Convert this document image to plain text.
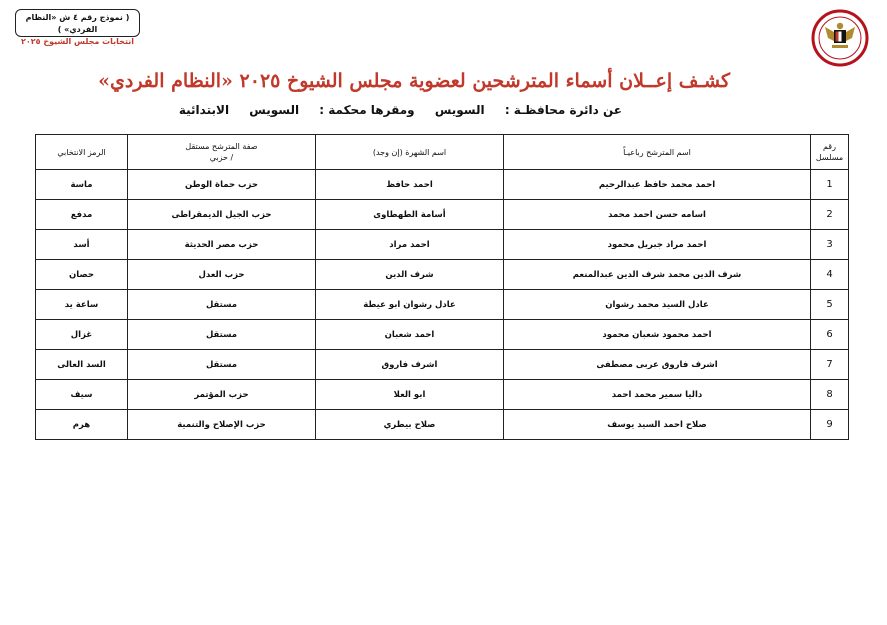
( نموذج رقم ٤ ش «النظام الفردي» )
انتخابات مجلس الشيوخ ٢٠٢٥
كشـف إعــلان أسماء المترشحين لعضوية مجلس الشيوخ ٢٠٢٥ «النظام الفردي»
عن دائرة محافظـة : السويس ومقرها محكمة : السويس الابتدائية
رقم مسلسل	اسم المترشح رباعيـاً	اسم الشهرة (إن وجد)	صفة المترشح مستقل / حزبي	الرمز الانتخابي
1	احمد محمد حافظ عبدالرحيم	احمد حافظ	حزب حماة الوطن	ماسة
2	اسامه حسن احمد محمد	أسامة الطهطاوى	حزب الجيل الديمقراطى	مدفع
3	احمد مراد جبريل محمود	احمد مراد	حزب مصر الحديثة	أسد
4	شرف الدين محمد شرف الدين عبدالمنعم	شرف الدين	حزب العدل	حصان
5	عادل السيد محمد رشوان	عادل رشوان ابو عيطة	مستقل	ساعة يد
6	احمد محمود شعبان محمود	احمد شعبان	مستقل	غزال
7	اشرف فاروق عربى مصطفى	اشرف فاروق	مستقل	السد العالى
8	داليا سمير محمد احمد	ابو العلا	حزب المؤتمر	سيف
9	صلاح احمد السيد يوسف	صلاح بيطري	حزب الإصلاح والتنمية	هرم
